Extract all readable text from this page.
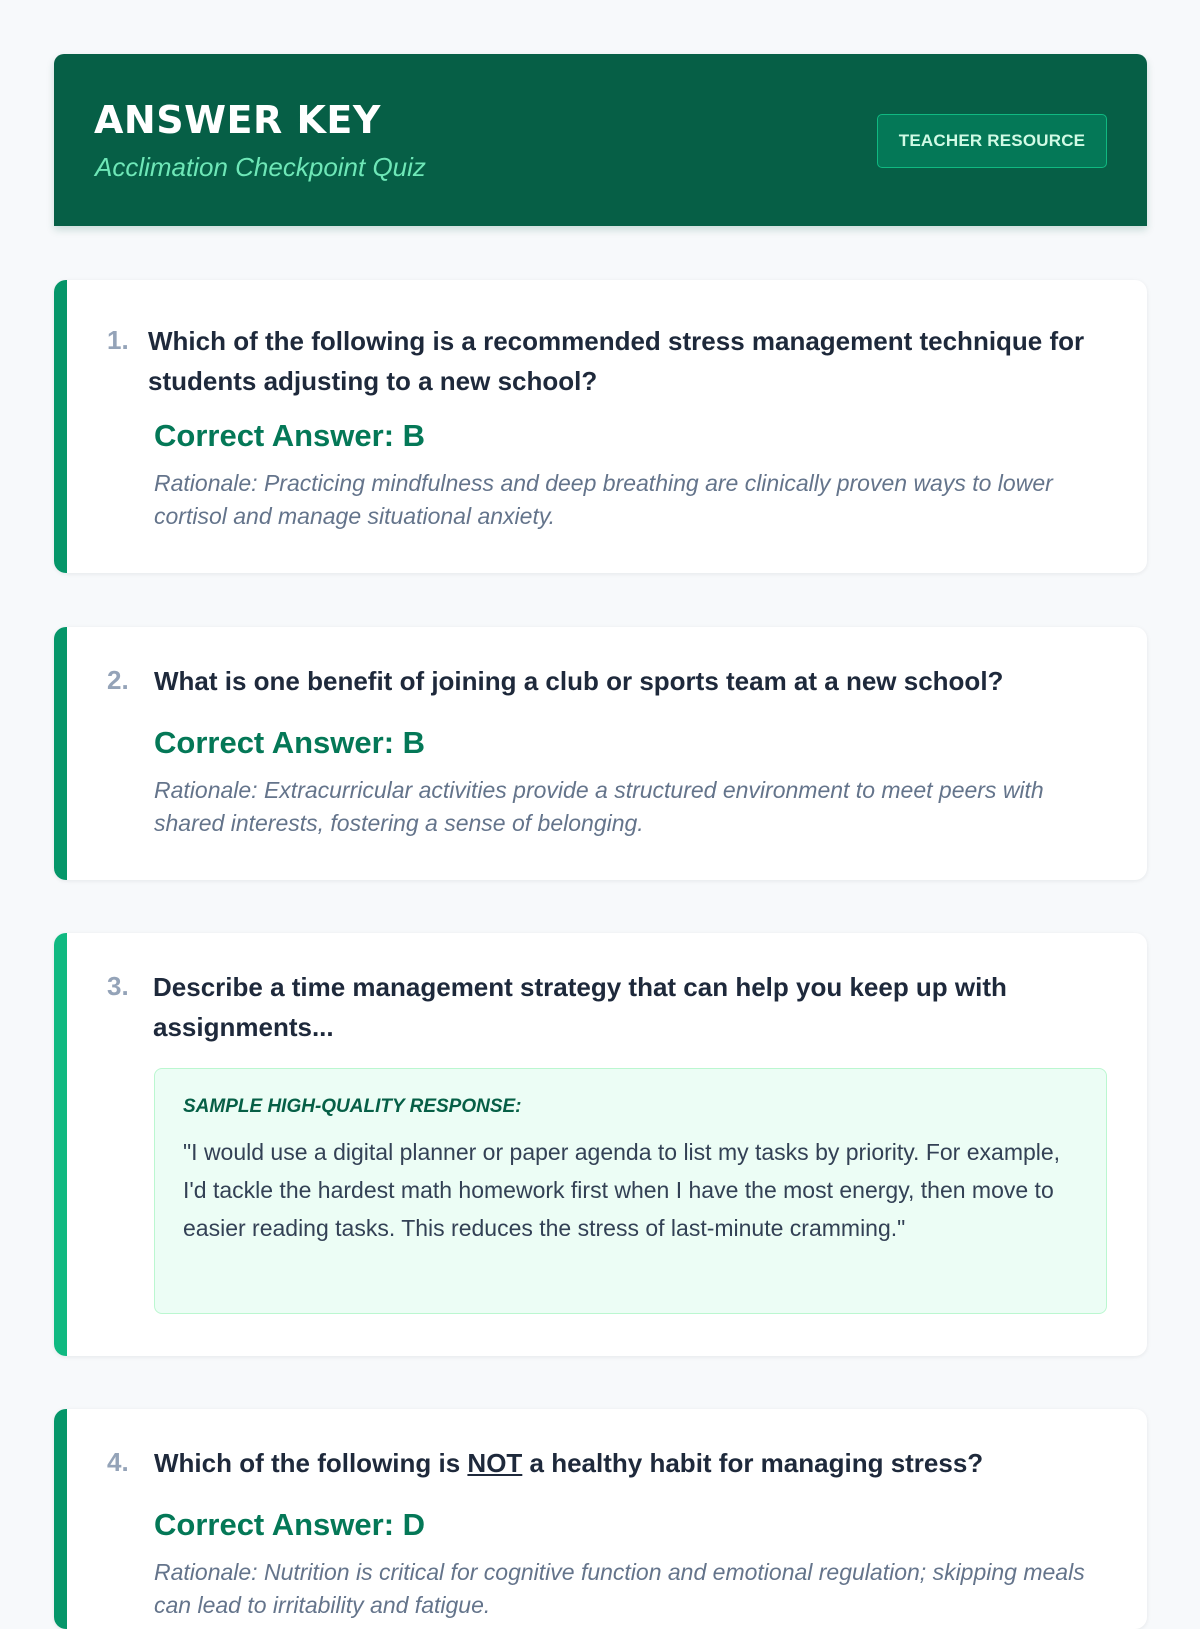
ANSWER KEY
Acclimation Checkpoint Quiz
TEACHER RESOURCE
1. Which of the following is a recommended stress management technique for students adjusting to a new school?

Correct Answer: B

Rationale: Practicing mindfulness and deep breathing are clinically proven ways to lower cortisol and manage situational anxiety.

2. What is one benefit of joining a club or sports team at a new school?

Correct Answer: B

Rationale: Extracurricular activities provide a structured environment to meet peers with shared interests, fostering a sense of belonging.

3. Describe a time management strategy that can help you keep up with assignments...

SAMPLE HIGH-QUALITY RESPONSE:
"I would use a digital planner or paper agenda to list my tasks by priority. For example, I'd tackle the hardest math homework first when I have the most energy, then move to easier reading tasks. This reduces the stress of last-minute cramming."
4. Which of the following is NOT a healthy habit for managing stress?

Correct Answer: D

Rationale: Nutrition is critical for cognitive function and emotional regulation; skipping meals can lead to irritability and fatigue.
